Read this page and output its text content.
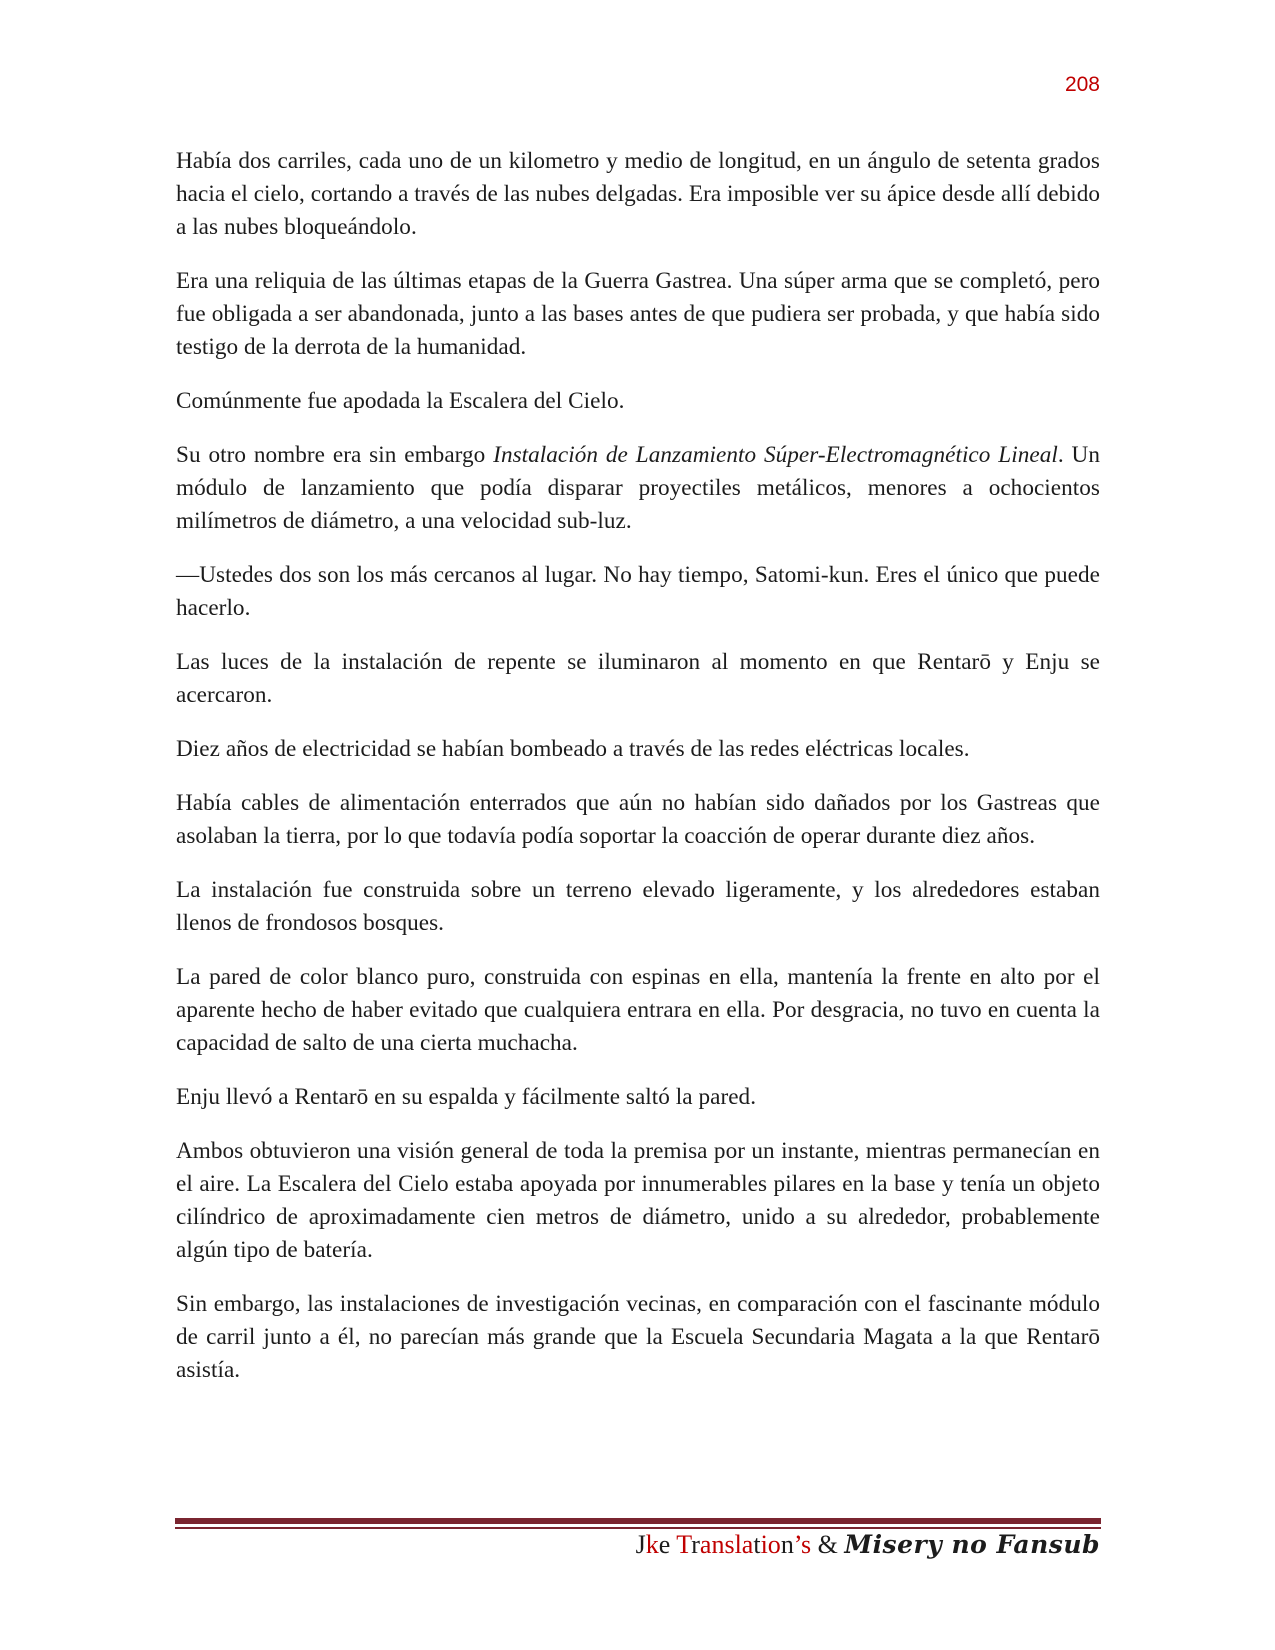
208

Había dos carriles, cada uno de un kilometro y medio de longitud, en un ángulo de setenta grados hacia el cielo, cortando a través de las nubes delgadas. Era imposible ver su ápice desde allí debido a las nubes bloqueándolo.

Era una reliquia de las últimas etapas de la Guerra Gastrea. Una súper arma que se completó, pero fue obligada a ser abandonada, junto a las bases antes de que pudiera ser probada, y que había sido testigo de la derrota de la humanidad.

Comúnmente fue apodada la Escalera del Cielo.

Su otro nombre era sin embargo Instalación de Lanzamiento Súper-Electromagnético Lineal. Un módulo de lanzamiento que podía disparar proyectiles metálicos, menores a ochocientos milímetros de diámetro, a una velocidad sub-luz.

—Ustedes dos son los más cercanos al lugar. No hay tiempo, Satomi-kun. Eres el único que puede hacerlo.

Las luces de la instalación de repente se iluminaron al momento en que Rentarō y Enju se acercaron.

Diez años de electricidad se habían bombeado a través de las redes eléctricas locales.

Había cables de alimentación enterrados que aún no habían sido dañados por los Gastreas que asolaban la tierra, por lo que todavía podía soportar la coacción de operar durante diez años.

La instalación fue construida sobre un terreno elevado ligeramente, y los alrededores estaban llenos de frondosos bosques.

La pared de color blanco puro, construida con espinas en ella, mantenía la frente en alto por el aparente hecho de haber evitado que cualquiera entrara en ella. Por desgracia, no tuvo en cuenta la capacidad de salto de una cierta muchacha.

Enju llevó a Rentarō en su espalda y fácilmente saltó la pared.

Ambos obtuvieron una visión general de toda la premisa por un instante, mientras permanecían en el aire. La Escalera del Cielo estaba apoyada por innumerables pilares en la base y tenía un objeto cilíndrico de aproximadamente cien metros de diámetro, unido a su alrededor, probablemente algún tipo de batería.

Sin embargo, las instalaciones de investigación vecinas, en comparación con el fascinante módulo de carril junto a él, no parecían más grande que la Escuela Secundaria Magata a la que Rentarō asistía.

Jke Translation’s & Misery no Fansub
